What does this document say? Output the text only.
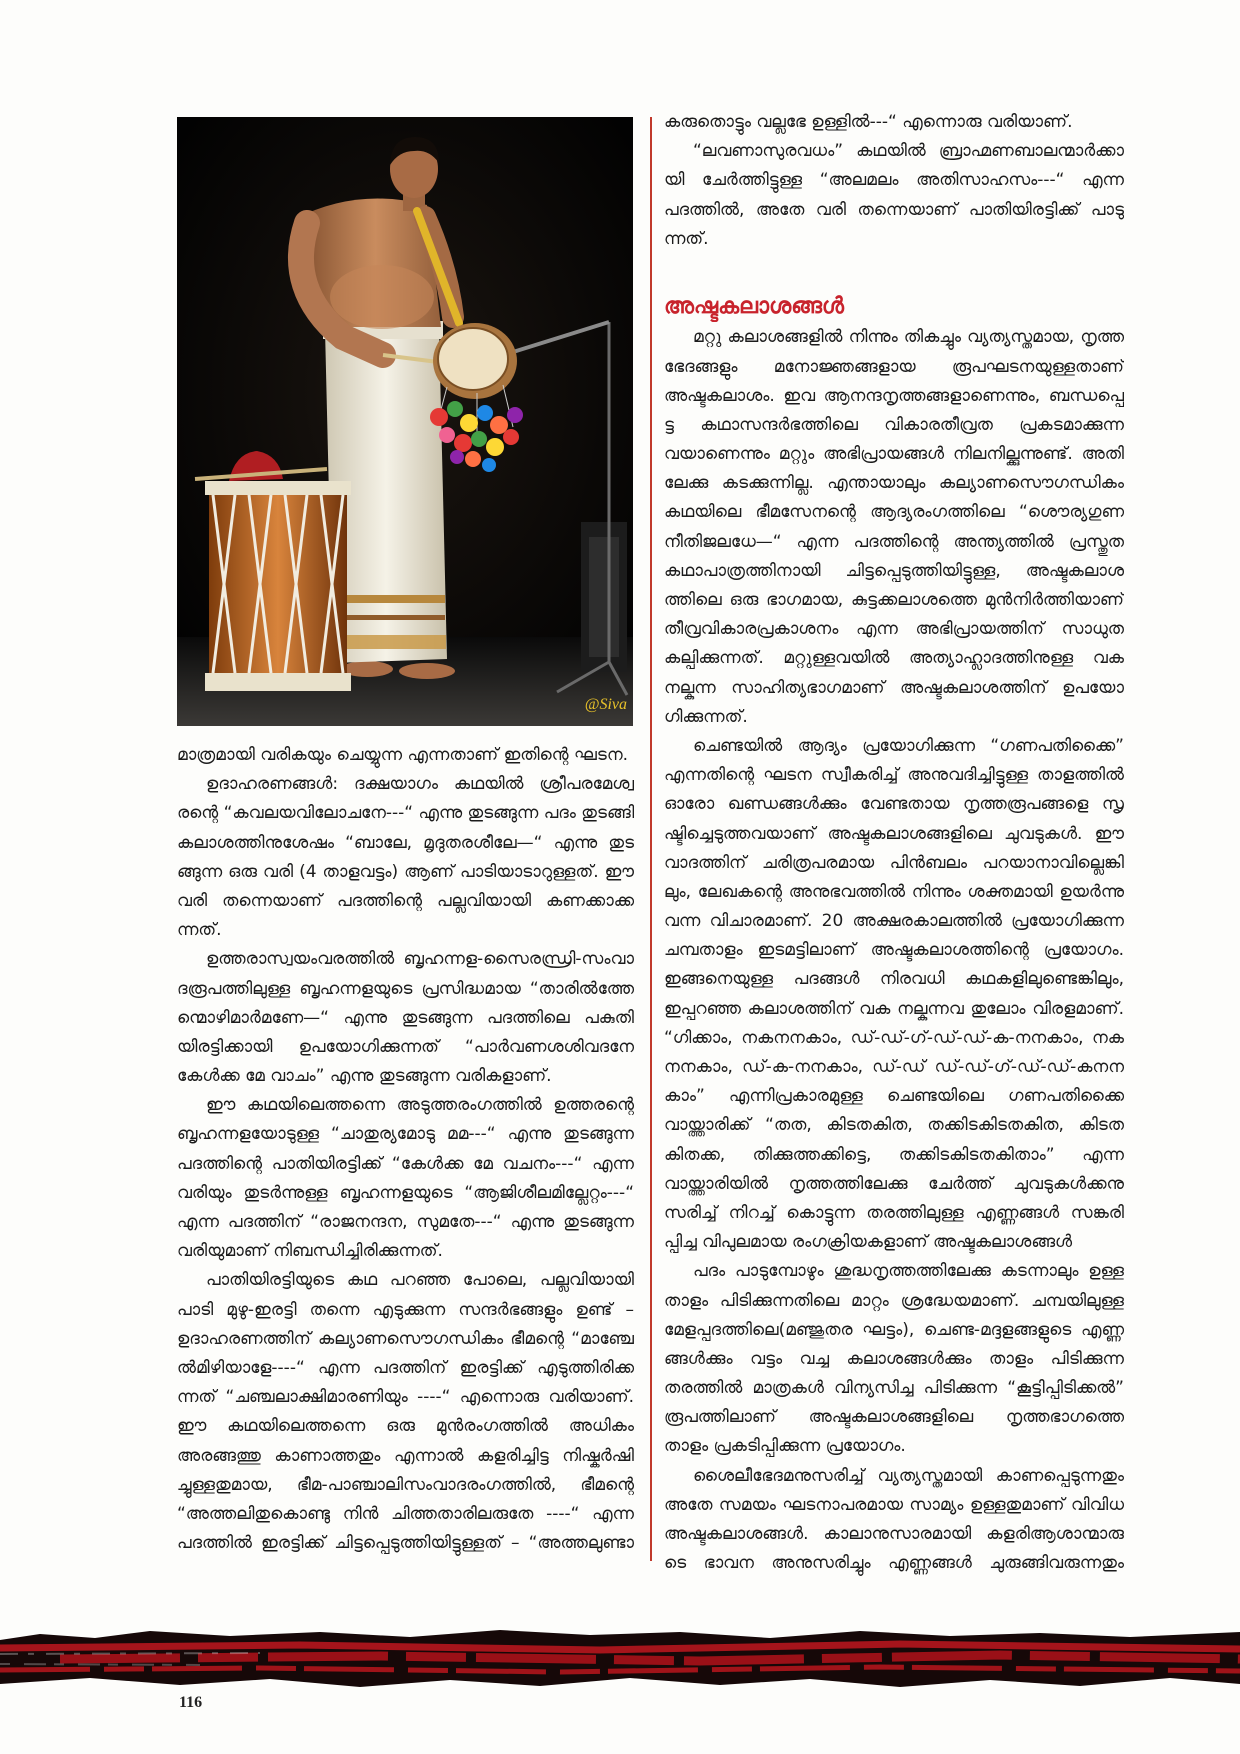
@Siva
മാത്രമായി വരികയും ചെയ്യുന്ന എന്നതാണ് ഇതിന്റെ ഘടന.
ഉദാഹരണങ്ങൾ: ദക്ഷയാഗം കഥയിൽ ശ്രീപരമേശ്വ
രന്റെ “കവലയവിലോചനേ---“ എന്നു തുടങ്ങുന്ന പദം തുടങ്ങി
കലാശത്തിനുശേഷം “ബാലേ, മൃദുതരശീലേ—“ എന്നു തുട
ങ്ങുന്ന ഒരു വരി (4 താളവട്ടം) ആണ് പാടിയാടാറുള്ളത്. ഈ
വരി തന്നെയാണ് പദത്തിന്റെ പല്ലവിയായി കണക്കാക്ക
ന്നത്.
ഉത്തരാസ്വയംവരത്തിൽ ബൃഹന്നള-സൈരന്ധ്രി-സംവാ
ദരൂപത്തിലുള്ള ബൃഹന്നളയുടെ പ്രസിദ്ധമായ “താരിൽത്തേ
ന്മൊഴിമാർമണേ—“ എന്നു തുടങ്ങുന്ന പദത്തിലെ പകുതി
യിരട്ടിക്കായി ഉപയോഗിക്കുന്നത് “പാർവണശശിവദനേ
കേൾക്ക മേ വാചം” എന്നു തുടങ്ങുന്ന വരികളാണ്.
ഈ കഥയിലെത്തന്നെ അടുത്തരംഗത്തിൽ ഉത്തരന്റെ
ബൃഹന്നളയോടുള്ള “ചാതുര്യമോടു മമ---“ എന്നു തുടങ്ങുന്ന
പദത്തിന്റെ പാതിയിരട്ടിക്ക് “കേൾക്ക മേ വചനം---“ എന്ന
വരിയും തുടർന്നുള്ള ബൃഹന്നളയുടെ “ആജിശീലമില്ലേറ്റം---“
എന്ന പദത്തിന് “രാജനന്ദന, സുമതേ---“ എന്നു തുടങ്ങുന്ന
വരിയുമാണ് നിബന്ധിച്ചിരിക്കുന്നത്.
പാതിയിരട്ടിയുടെ കഥ പറഞ്ഞ പോലെ, പല്ലവിയായി
പാടി മുഴു-ഇരട്ടി തന്നെ എടുക്കുന്ന സന്ദർഭങ്ങളും ഉണ്ട് –
ഉദാഹരണത്തിന് കല്യാണസൌഗന്ധികം ഭീമന്റെ “മാഞ്ചേ
ൽമിഴിയാളേ----“ എന്ന പദത്തിന് ഇരട്ടിക്ക് എടുത്തിരിക്ക
ന്നത് “ചഞ്ചലാക്ഷിമാരണിയും ----“ എന്നൊരു വരിയാണ്.
ഈ കഥയിലെത്തന്നെ ഒരു മുൻരംഗത്തിൽ അധികം
അരങ്ങത്തു കാണാത്തതും എന്നാൽ കളരിച്ചിട്ട നിഷ്കർഷി
ച്ചുള്ളതുമായ, ഭീമ-പാഞ്ചാലിസംവാദരംഗത്തിൽ, ഭീമന്റെ
“അത്തലിതുകൊണ്ടു നിൻ ചിത്തതാരിലരുതേ ----“ എന്ന
പദത്തിൽ ഇരട്ടിക്ക് ചിട്ടപ്പെടുത്തിയിട്ടുള്ളത് – “അത്തലുണ്ടാ
കരുതൊട്ടും വല്ലഭേ ഉള്ളിൽ---“ എന്നൊരു വരിയാണ്.
“ലവണാസുരവധം” കഥയിൽ ബ്രാഹ്മണബാലന്മാർക്കാ
യി ചേർത്തിട്ടുള്ള “അലമലം അതിസാഹസം---“ എന്ന
പദത്തിൽ, അതേ വരി തന്നെയാണ് പാതിയിരട്ടിക്ക് പാടു
ന്നത്.
അഷ്ടകലാശങ്ങൾ
മറ്റു കലാശങ്ങളിൽ നിന്നും തികച്ചും വ്യത്യസ്തമായ, നൃത്ത
ഭേദങ്ങളും മനോജ്ഞങ്ങളായ രൂപഘടനയുള്ളതാണ്
അഷ്ടകലാശം. ഇവ ആനന്ദനൃത്തങ്ങളാണെന്നും, ബന്ധപ്പെ
ട്ട കഥാസന്ദർഭത്തിലെ വികാരതീവ്രത പ്രകടമാക്കുന്ന
വയാണെന്നും മറ്റും അഭിപ്രായങ്ങൾ നിലനില്ക്കുന്നുണ്ട്. അതി
ലേക്കു കടക്കുന്നില്ല. എന്തായാലും കല്യാണസൌഗന്ധികം
കഥയിലെ ഭീമസേനന്റെ ആദ്യരംഗത്തിലെ “ശൌര്യഗുണ
നീതിജലധേ—“ എന്ന പദത്തിന്റെ അന്ത്യത്തിൽ പ്രസ്തുത
കഥാപാത്രത്തിനായി ചിട്ടപ്പെടുത്തിയിട്ടുള്ള, അഷ്ടകലാശ
ത്തിലെ ഒരു ഭാഗമായ, കുട്ടക്കലാശത്തെ മുൻനിർത്തിയാണ്
തീവ്രവികാരപ്രകാശനം എന്ന അഭിപ്രായത്തിന് സാധുത
കല്പിക്കുന്നത്. മറ്റുള്ളവയിൽ അത്യാഹ്ലാദത്തിനുള്ള വക
നല്കുന്ന സാഹിത്യഭാഗമാണ് അഷ്ടകലാശത്തിന് ഉപയോ
ഗിക്കുന്നത്.
ചെണ്ടയിൽ ആദ്യം പ്രയോഗിക്കുന്ന “ഗണപതിക്കൈ”
എന്നതിന്റെ ഘടന സ്വീകരിച്ച് അനുവദിച്ചിട്ടുള്ള താളത്തിൽ
ഓരോ ഖണ്ഡങ്ങൾക്കും വേണ്ടതായ നൃത്തരൂപങ്ങളെ സൃ
ഷ്ടിച്ചെടുത്തവയാണ് അഷ്ടകലാശങ്ങളിലെ ചുവടുകൾ. ഈ
വാദത്തിന് ചരിത്രപരമായ പിൻബലം പറയാനാവില്ലെങ്കി
ലും, ലേഖകന്റെ അനുഭവത്തിൽ നിന്നും ശക്തമായി ഉയർന്നു
വന്ന വിചാരമാണ്. 20 അക്ഷരകാലത്തിൽ പ്രയോഗിക്കുന്ന
ചമ്പതാളം ഇടമട്ടിലാണ് അഷ്ടകലാശത്തിന്റെ പ്രയോഗം.
ഇങ്ങനെയുള്ള പദങ്ങൾ നിരവധി കഥകളിലുണ്ടെങ്കിലും,
ഇപ്പറഞ്ഞ കലാശത്തിന് വക നല്കുന്നവ തുലോം വിരളമാണ്.
“ഗിക്കാം, നകനനകാം, ഡ്-ഡ്-ഗ്-ഡ്-ഡ്-ക-നനകാം, നക
നനകാം, ഡ്-ക-നനകാം, ഡ്-ഡ് ഡ്-ഡ്-ഗ്-ഡ്-ഡ്-കനന
കാം” എന്നിപ്രകാരമുള്ള ചെണ്ടയിലെ ഗണപതിക്കൈ
വായ്ത്താരിക്ക് “തത, കിടതകിത, തക്കിടകിടതകിത, കിടത
കിതക്ക, തിക്കുത്തക്കിട്ടെ, തക്കിടകിടതകിതാം” എന്ന
വായ്ത്താരിയിൽ നൃത്തത്തിലേക്കു ചേർത്ത് ചുവടുകൾക്കനു
സരിച്ച് നിറച്ച് കൊട്ടുന്ന തരത്തിലുള്ള എണ്ണങ്ങൾ സങ്കരി
പ്പിച്ച വിപുലമായ രംഗക്രിയകളാണ് അഷ്ടകലാശങ്ങൾ
പദം പാടുമ്പോഴും ശുദ്ധനൃത്തത്തിലേക്കു കടന്നാലും ഉള്ള
താളം പിടിക്കുന്നതിലെ മാറ്റം ശ്രദ്ധേയമാണ്. ചമ്പയിലുള്ള
മേളപ്പദത്തിലെ(മഞ്ജുതര ഘട്ടം), ചെണ്ട-മദ്ദളങ്ങളുടെ എണ്ണ
ങ്ങൾക്കും വട്ടം വച്ച കലാശങ്ങൾക്കും താളം പിടിക്കുന്ന
തരത്തിൽ മാത്രകൾ വിന്യസിച്ച പിടിക്കുന്ന “കൂട്ടിപ്പിടിക്കൽ”
രൂപത്തിലാണ് അഷ്ടകലാശങ്ങളിലെ നൃത്തഭാഗത്തെ
താളം പ്രകടിപ്പിക്കുന്ന പ്രയോഗം.
ശൈലീഭേദമനുസരിച്ച് വ്യത്യസ്തമായി കാണപ്പെടുന്നതും
അതേ സമയം ഘടനാപരമായ സാമ്യം ഉള്ളതുമാണ് വിവിധ
അഷ്ടകലാശങ്ങൾ. കാലാനുസാരമായി കളരിആശാന്മാരു
ടെ ഭാവന അനുസരിച്ചും എണ്ണങ്ങൾ ചുരുങ്ങിവരുന്നതും
116
